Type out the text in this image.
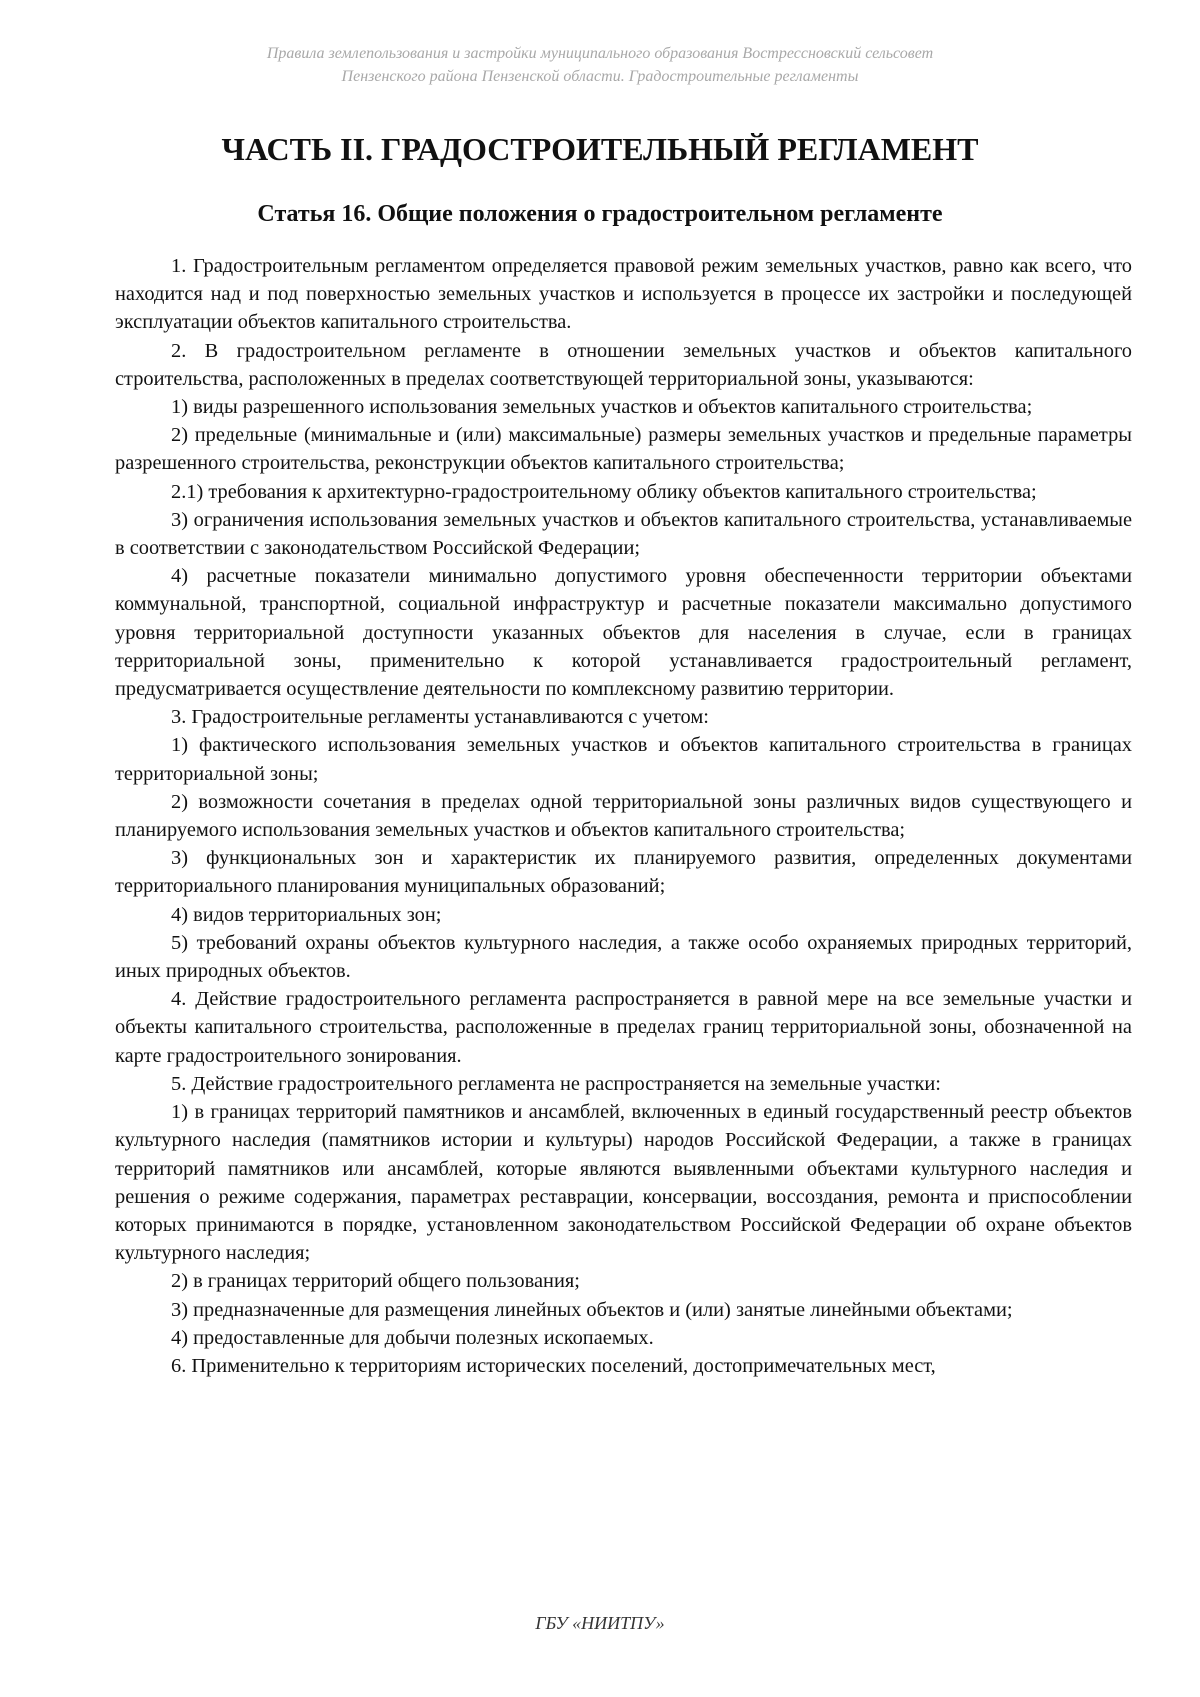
Правила землепользования и застройки муниципального образования Вострессновский сельсовет
Пензенского района Пензенской области. Градостроительные регламенты
ЧАСТЬ II. ГРАДОСТРОИТЕЛЬНЫЙ РЕГЛАМЕНТ
Статья 16. Общие положения о градостроительном регламенте

1. Градостроительным регламентом определяется правовой режим земельных участков, равно как всего, что находится над и под поверхностью земельных участков и используется в процессе их застройки и последующей эксплуатации объектов капитального строительства.

2. В градостроительном регламенте в отношении земельных участков и объектов капитального строительства, расположенных в пределах соответствующей территориальной зоны, указываются:

1) виды разрешенного использования земельных участков и объектов капитального строительства;

2) предельные (минимальные и (или) максимальные) размеры земельных участков и предельные параметры разрешенного строительства, реконструкции объектов капитального строительства;

2.1) требования к архитектурно-градостроительному облику объектов капитального строительства;

3) ограничения использования земельных участков и объектов капитального строительства, устанавливаемые в соответствии с законодательством Российской Федерации;

4) расчетные показатели минимально допустимого уровня обеспеченности территории объектами коммунальной, транспортной, социальной инфраструктур и расчетные показатели максимально допустимого уровня территориальной доступности указанных объектов для населения в случае, если в границах территориальной зоны, применительно к которой устанавливается градостроительный регламент, предусматривается осуществление деятельности по комплексному развитию территории.

3. Градостроительные регламенты устанавливаются с учетом:

1) фактического использования земельных участков и объектов капитального строительства в границах территориальной зоны;

2) возможности сочетания в пределах одной территориальной зоны различных видов существующего и планируемого использования земельных участков и объектов капитального строительства;

3) функциональных зон и характеристик их планируемого развития, определенных документами территориального планирования муниципальных образований;

4) видов территориальных зон;

5) требований охраны объектов культурного наследия, а также особо охраняемых природных территорий, иных природных объектов.

4. Действие градостроительного регламента распространяется в равной мере на все земельные участки и объекты капитального строительства, расположенные в пределах границ территориальной зоны, обозначенной на карте градостроительного зонирования.

5. Действие градостроительного регламента не распространяется на земельные участки:

1) в границах территорий памятников и ансамблей, включенных в единый государственный реестр объектов культурного наследия (памятников истории и культуры) народов Российской Федерации, а также в границах территорий памятников или ансамблей, которые являются выявленными объектами культурного наследия и решения о режиме содержания, параметрах реставрации, консервации, воссоздания, ремонта и приспособлении которых принимаются в порядке, установленном законодательством Российской Федерации об охране объектов культурного наследия;

2) в границах территорий общего пользования;

3) предназначенные для размещения линейных объектов и (или) занятые линейными объектами;

4) предоставленные для добычи полезных ископаемых.

6. Применительно к территориям исторических поселений, достопримечательных мест,

ГБУ «НИИТПУ»
